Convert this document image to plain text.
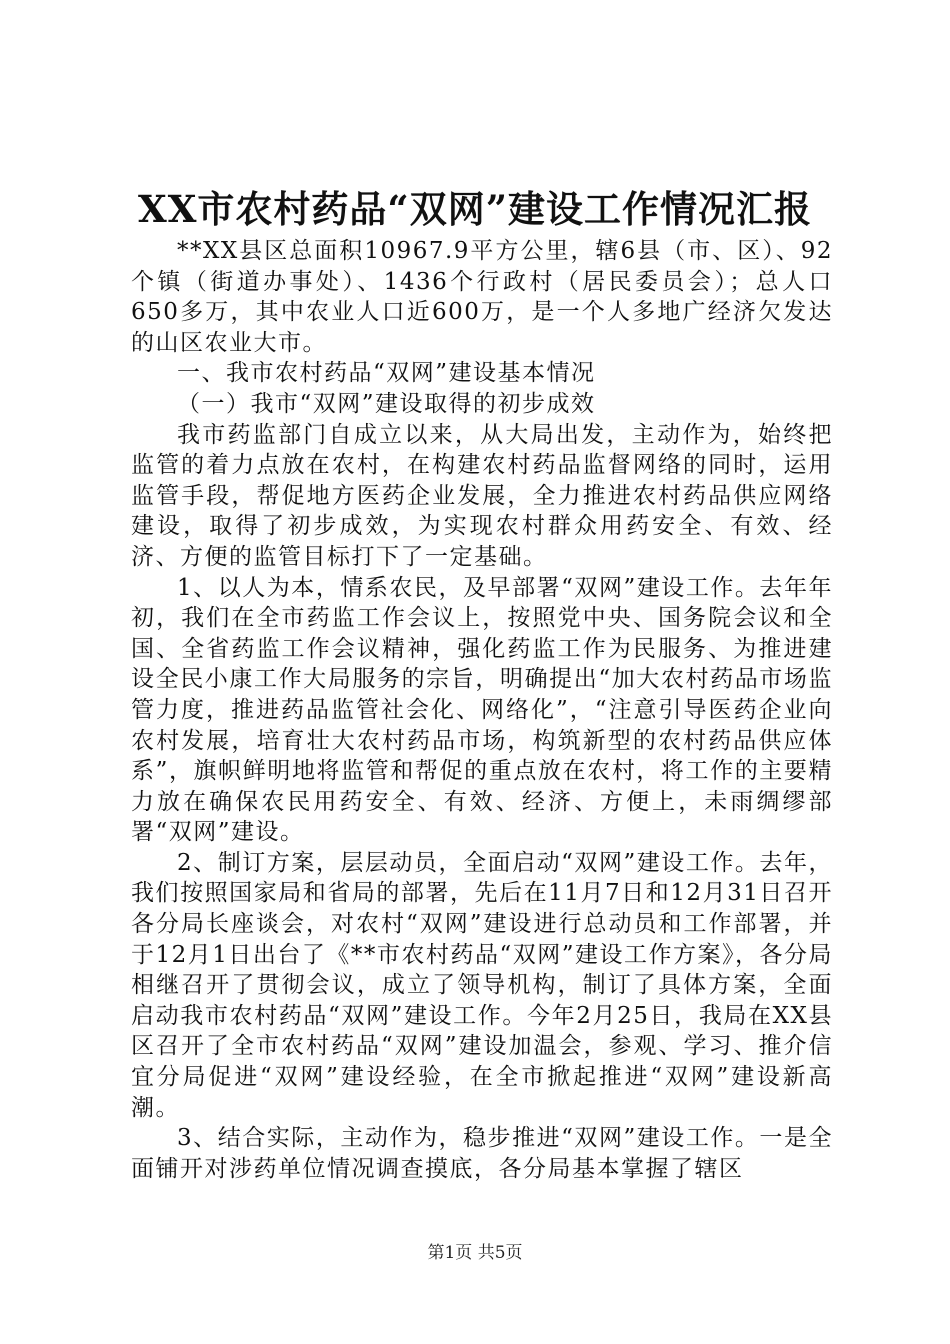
XX市农村药品“双网”建设工作情况汇报

**XX县区总面积10967.9平方公里，辖6县（市、区）、92个镇（街道办事处）、1436个行政村（居民委员会）；总人口650多万，其中农业人口近600万，是一个人多地广经济欠发达的山区农业大市。

一、我市农村药品“双网”建设基本情况

（一）我市“双网”建设取得的初步成效

我市药监部门自成立以来，从大局出发，主动作为，始终把监管的着力点放在农村，在构建农村药品监督网络的同时，运用监管手段，帮促地方医药企业发展，全力推进农村药品供应网络建设，取得了初步成效，为实现农村群众用药安全、有效、经济、方便的监管目标打下了一定基础。

1、以人为本，情系农民，及早部署“双网”建设工作。去年年初，我们在全市药监工作会议上，按照党中央、国务院会议和全国、全省药监工作会议精神，强化药监工作为民服务、为推进建设全民小康工作大局服务的宗旨，明确提出“加大农村药品市场监管力度，推进药品监管社会化、网络化”，“注意引导医药企业向农村发展，培育壮大农村药品市场，构筑新型的农村药品供应体系”，旗帜鲜明地将监管和帮促的重点放在农村，将工作的主要精力放在确保农民用药安全、有效、经济、方便上，未雨绸缪部署“双网”建设。

2、制订方案，层层动员，全面启动“双网”建设工作。去年，我们按照国家局和省局的部署，先后在11月7日和12月31日召开各分局长座谈会，对农村“双网”建设进行总动员和工作部署，并于12月1日出台了《**市农村药品“双网”建设工作方案》，各分局相继召开了贯彻会议，成立了领导机构，制订了具体方案，全面启动我市农村药品“双网”建设工作。今年2月25日，我局在XX县区召开了全市农村药品“双网”建设加温会，参观、学习、推介信宜分局促进“双网”建设经验，在全市掀起推进“双网”建设新高潮。

3、结合实际，主动作为，稳步推进“双网”建设工作。一是全面铺开对涉药单位情况调查摸底，各分局基本掌握了辖区

第1页 共5页
